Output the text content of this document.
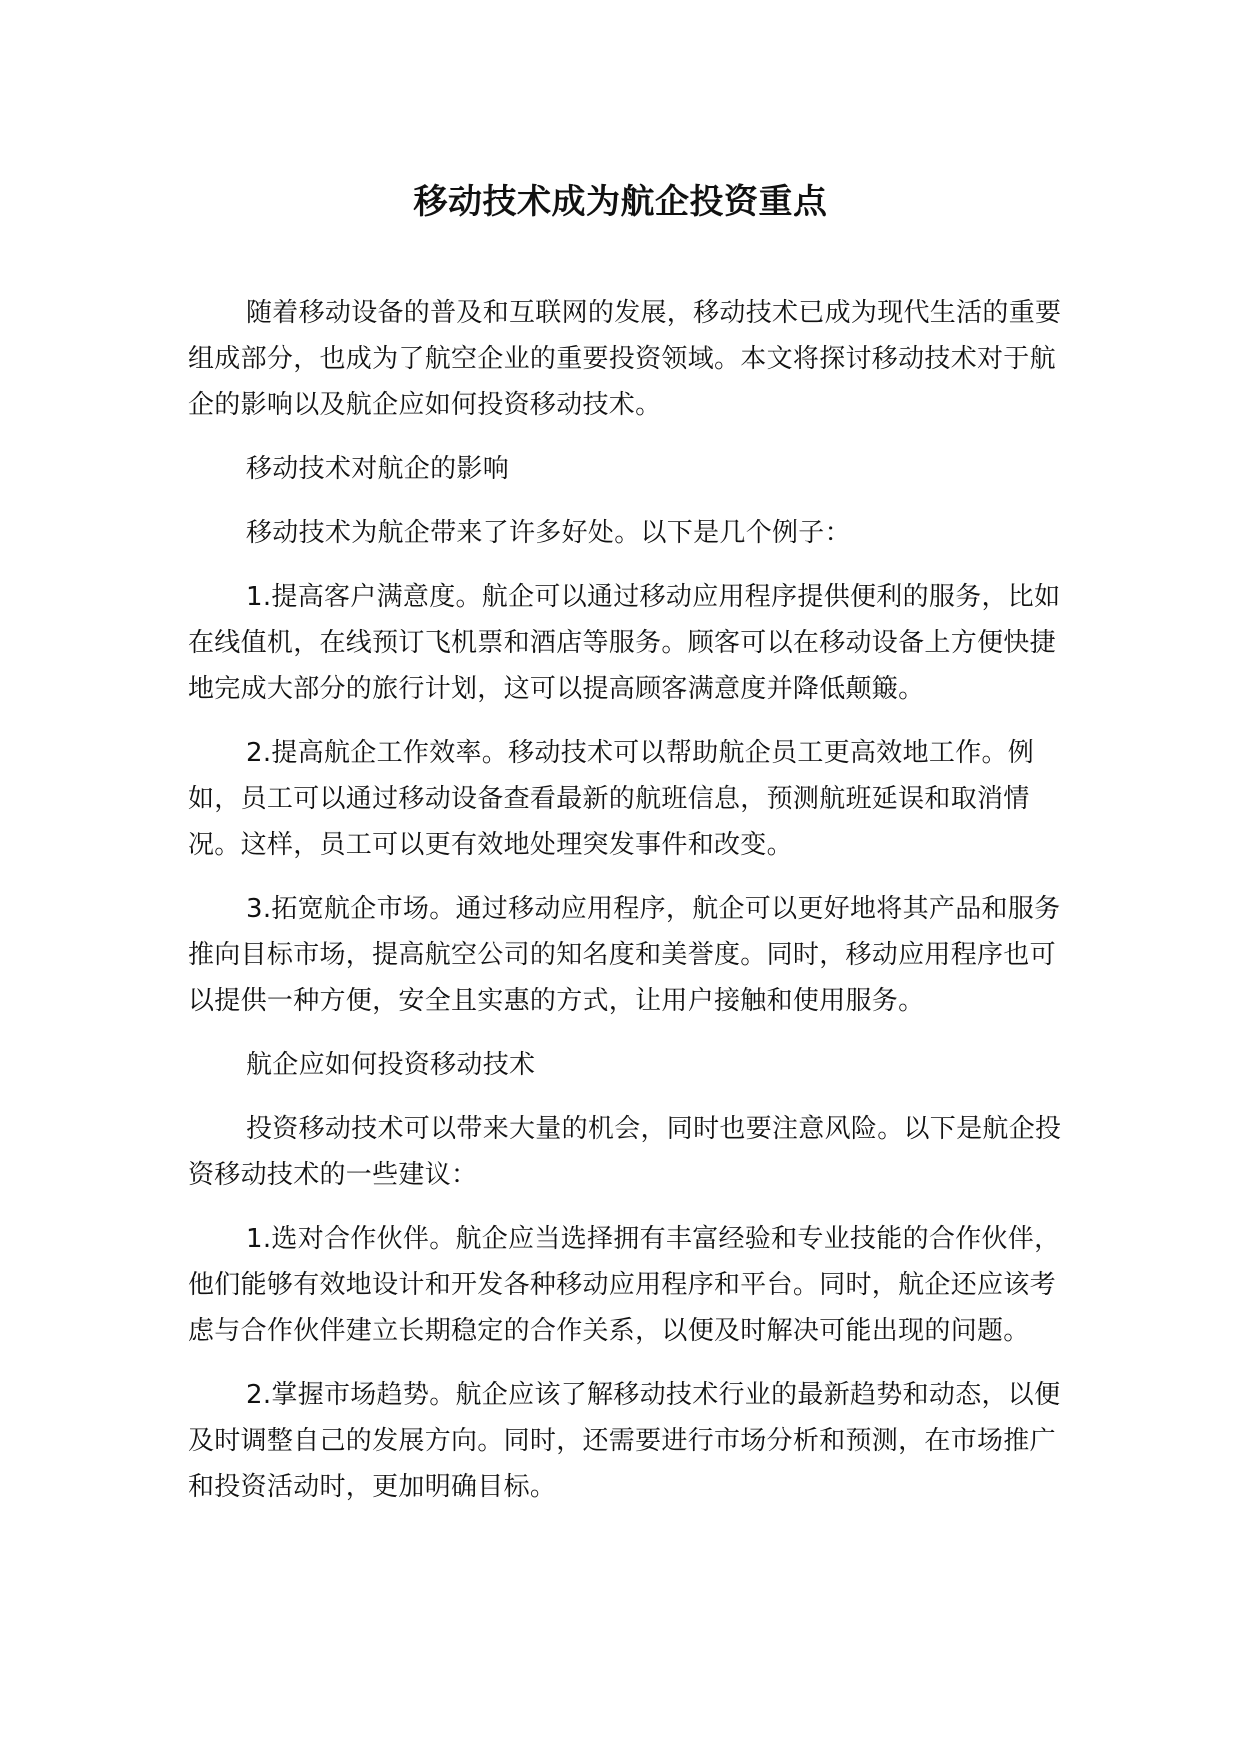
移动技术成为航企投资重点

随着移动设备的普及和互联网的发展，移动技术已成为现代生活的重要组成部分，也成为了航空企业的重要投资领域。本文将探讨移动技术对于航企的影响以及航企应如何投资移动技术。

移动技术对航企的影响

移动技术为航企带来了许多好处。以下是几个例子：

1.提高客户满意度。航企可以通过移动应用程序提供便利的服务，比如在线值机，在线预订飞机票和酒店等服务。顾客可以在移动设备上方便快捷地完成大部分的旅行计划，这可以提高顾客满意度并降低颠簸。

2.提高航企工作效率。移动技术可以帮助航企员工更高效地工作。例如，员工可以通过移动设备查看最新的航班信息，预测航班延误和取消情况。这样，员工可以更有效地处理突发事件和改变。

3.拓宽航企市场。通过移动应用程序，航企可以更好地将其产品和服务推向目标市场，提高航空公司的知名度和美誉度。同时，移动应用程序也可以提供一种方便，安全且实惠的方式，让用户接触和使用服务。

航企应如何投资移动技术

投资移动技术可以带来大量的机会，同时也要注意风险。以下是航企投资移动技术的一些建议：

1.选对合作伙伴。航企应当选择拥有丰富经验和专业技能的合作伙伴，他们能够有效地设计和开发各种移动应用程序和平台。同时，航企还应该考虑与合作伙伴建立长期稳定的合作关系，以便及时解决可能出现的问题。

2.掌握市场趋势。航企应该了解移动技术行业的最新趋势和动态，以便及时调整自己的发展方向。同时，还需要进行市场分析和预测，在市场推广和投资活动时，更加明确目标。
